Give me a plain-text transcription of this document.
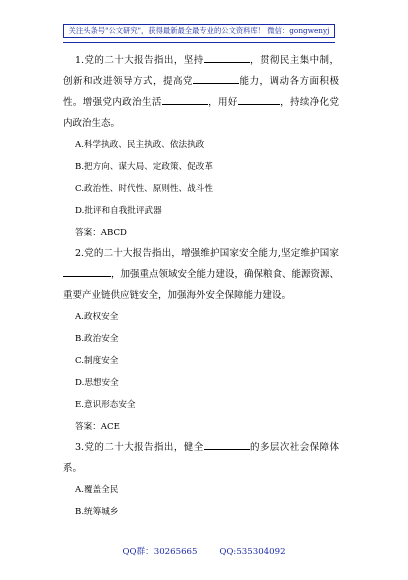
关注头条号"公文研究"，获得最新最全最专业的公文资料库！ 微信：gongwenyj

1.党的二十大报告指出，坚持	，贯彻民主集中制，创新和改进领导方式，提高党	能力，调动各方面积极性。增强党内政治生活	，用好	，持续净化党内政治生态。

A.科学执政、民主执政、依法执政

B.把方向、谋大局、定政策、促改革

C.政治性、时代性、原则性、战斗性

D.批评和自我批评武器

答案：ABCD

2.党的二十大报告指出，增强维护国家安全能力,坚定维护国家，加强重点领域安全能力建设，确保粮食、能源资源、重要产业链供应链安全，加强海外安全保障能力建设。

A.政权安全

B.政治安全

C.制度安全

D.思想安全

E.意识形态安全

答案：ACE

3.党的二十大报告指出，健全	的多层次社会保障体系。

A.覆盖全民

B.统筹城乡

QQ群：30265665	QQ:535304092
